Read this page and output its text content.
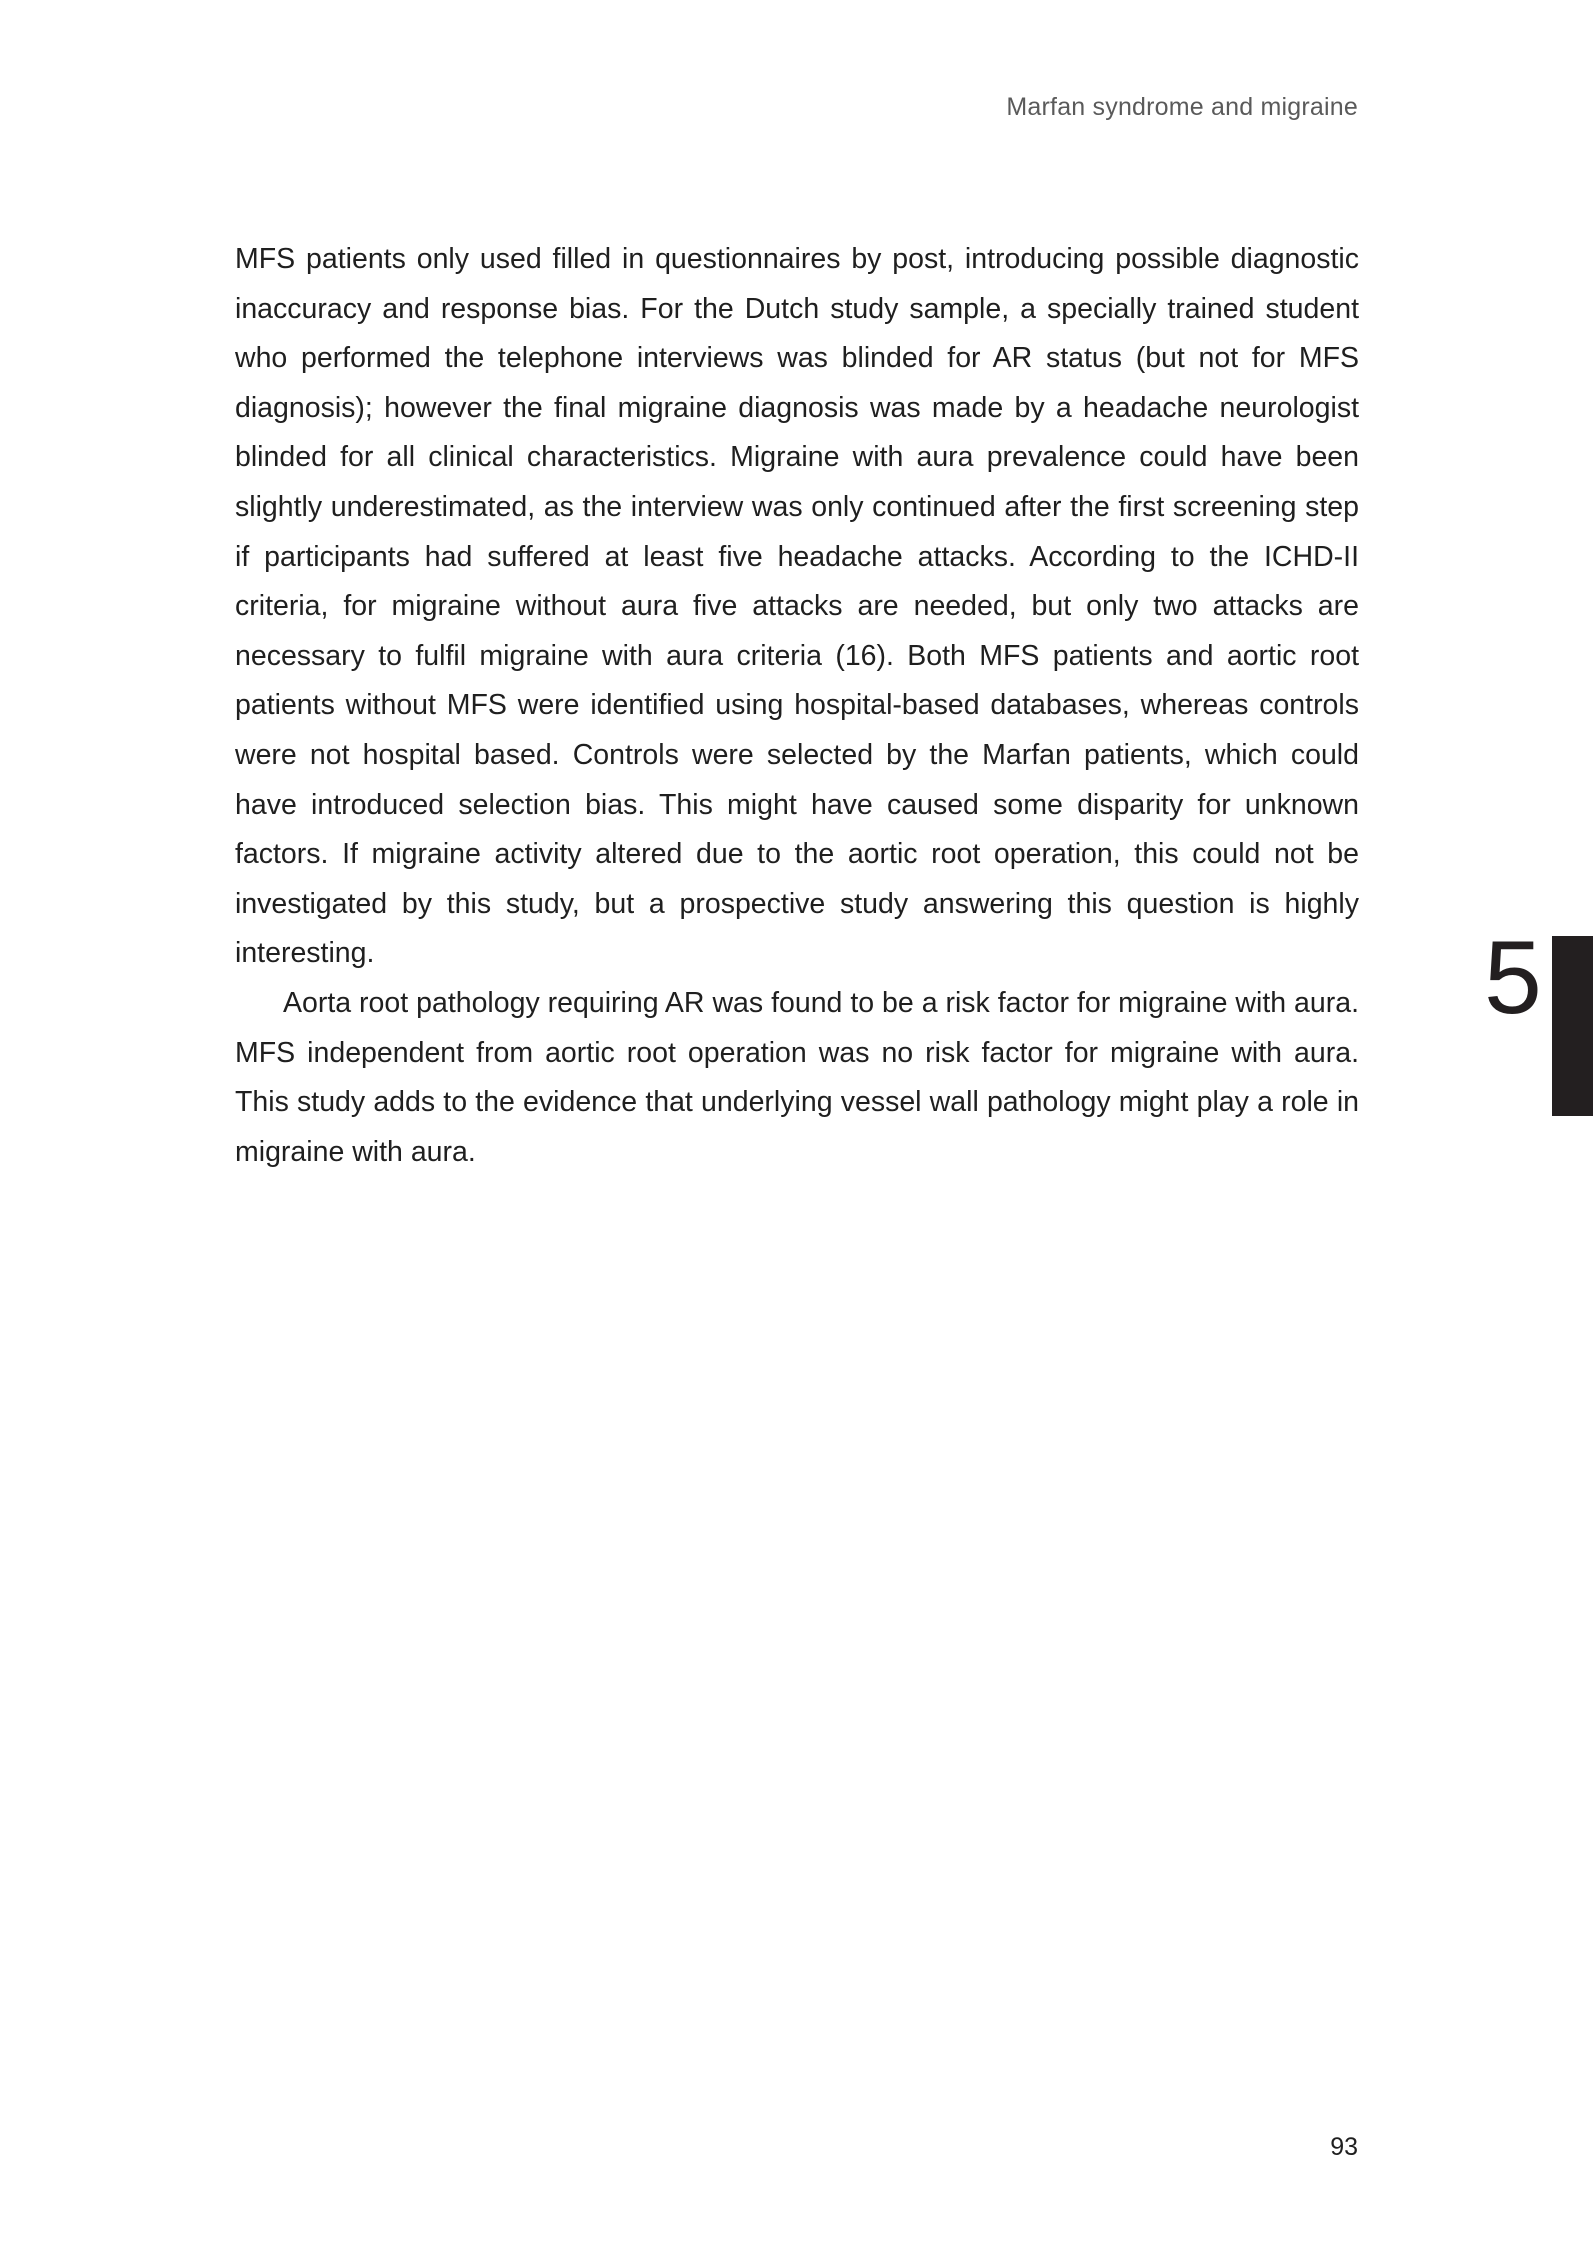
Marfan syndrome and migraine

MFS patients only used filled in questionnaires by post, introducing possible diagnostic inaccuracy and response bias. For the Dutch study sample, a specially trained student who performed the telephone interviews was blinded for AR status (but not for MFS diagnosis); however the final migraine diagnosis was made by a headache neurologist blinded for all clinical characteristics. Migraine with aura prevalence could have been slightly underestimated, as the interview was only continued after the first screening step if participants had suffered at least five headache attacks. According to the ICHD-II criteria, for migraine without aura five attacks are needed, but only two attacks are necessary to fulfil migraine with aura criteria (16). Both MFS patients and aortic root patients without MFS were identified using hospital-based databases, whereas controls were not hospital based. Controls were selected by the Marfan patients, which could have introduced selection bias. This might have caused some disparity for unknown factors. If migraine activity altered due to the aortic root operation, this could not be investigated by this study, but a prospective study answering this question is highly interesting.

Aorta root pathology requiring AR was found to be a risk factor for migraine with aura. MFS independent from aortic root operation was no risk factor for migraine with aura. This study adds to the evidence that underlying vessel wall pathology might play a role in migraine with aura.

5
93
